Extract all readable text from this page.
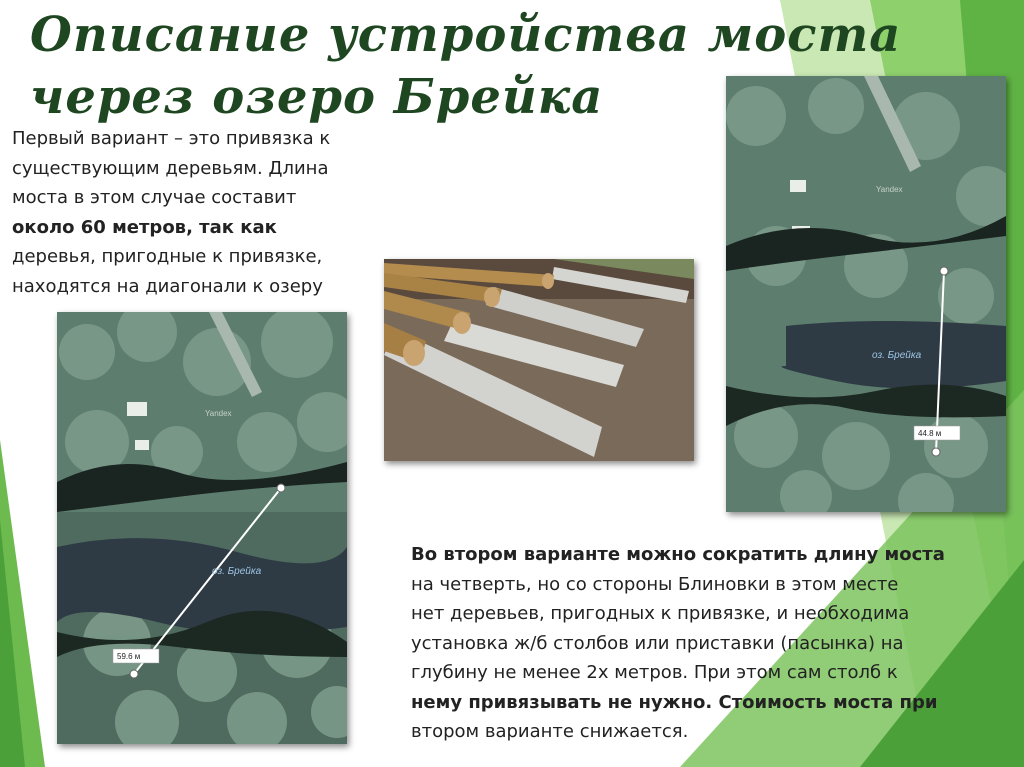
Описание устройства моста
через озеро Брейка
Первый вариант – это привязка к
существующим деревьям. Длина
моста в этом случае составит
около 60 метров, так как
деревья, пригодные к привязке,
находятся на диагонали к озеру
Yandex
оз. Брейка
59.6 м
Yandex
оз. Брейка
44.8 м
Во втором варианте можно сократить длину моста
на четверть, но со стороны Блиновки в этом месте
нет деревьев, пригодных к привязке, и необходима
установка ж/б столбов или приставки (пасынка) на
глубину не менее 2х метров. При этом сам столб к
нему привязывать не нужно. Стоимость моста при
втором варианте снижается.
